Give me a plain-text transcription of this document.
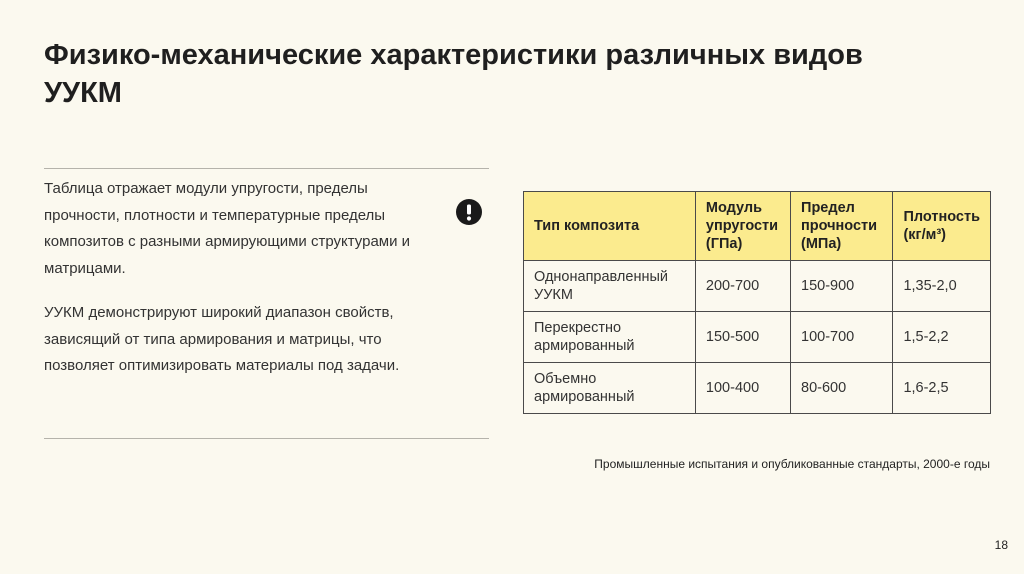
Физико-механические характеристики различных видов УУКМ

Таблица отражает модули упругости, пределы прочности, плотности и температурные пределы композитов с разными армирующими структурами и матрицами.

УУКМ демонстрируют широкий диапазон свойств, зависящий от типа армирования и матрицы, что позволяет оптимизировать материалы под задачи.

Тип композита	Модуль упругости (ГПа)	Предел прочности (МПа)	Плотность (кг/м³)
Однонаправленный УУКМ	200-700	150-900	1,35-2,0
Перекрестно армированный	150-500	100-700	1,5-2,2
Объемно армированный	100-400	80-600	1,6-2,5
Промышленные испытания и опубликованные стандарты, 2000-е годы
18
